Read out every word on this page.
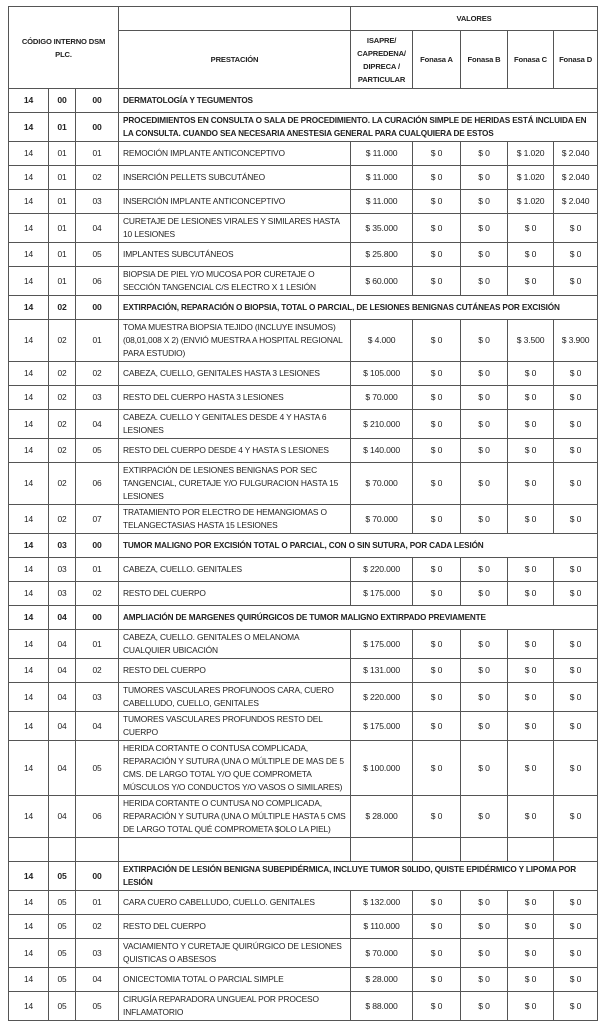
CÓDIGO INTERNO DSM PLC.				VALORES				
			PRESTACIÓN	ISAPRE/ CAPREDENA/ DIPRECA / PARTICULAR	Fonasa A	Fonasa B	Fonasa C	Fonasa D
14	00	00	DERMATOLOGÍA Y TEGUMENTOS					
14	01	00	PROCEDIMIENTOS EN CONSULTA O SALA DE PROCEDIMIENTO. LA CURACIÓN SIMPLE DE HERIDAS ESTÁ INCLUIDA EN LA CONSULTA. CUANDO SEA NECESARIA ANESTESIA GENERAL PARA CUALQUIERA DE ESTOS					
14	01	01	REMOCIÓN IMPLANTE ANTICONCEPTIVO	$ 11.000	$ 0	$ 0	$ 1.020	$ 2.040
14	01	02	INSERCIÓN PELLETS SUBCUTÁNEO	$ 11.000	$ 0	$ 0	$ 1.020	$ 2.040
14	01	03	INSERCIÓN IMPLANTE ANTICONCEPTIVO	$ 11.000	$ 0	$ 0	$ 1.020	$ 2.040
14	01	04	CURETAJE DE LESIONES VIRALES Y SIMILARES HASTA 10 LESIONES	$ 35.000	$ 0	$ 0	$ 0	$ 0
14	01	05	IMPLANTES SUBCUTÁNEOS	$ 25.800	$ 0	$ 0	$ 0	$ 0
14	01	06	BIOPSIA DE PIEL Y/O MUCOSA POR CURETAJE O SECCIÓN TANGENCIAL C/S ELECTRO X 1 LESIÓN	$ 60.000	$ 0	$ 0	$ 0	$ 0
14	02	00	EXTIRPACIÓN, REPARACIÓN O BIOPSIA, TOTAL O PARCIAL, DE LESIONES BENIGNAS CUTÁNEAS POR EXCISIÓN					
14	02	01	TOMA MUESTRA BIOPSIA TEJIDO (INCLUYE INSUMOS) (08,01,008 X 2) (ENVIÓ MUESTRA A HOSPITAL REGIONAL PARA ESTUDIO)	$ 4.000	$ 0	$ 0	$ 3.500	$ 3.900
14	02	02	CABEZA, CUELLO, GENITALES HASTA 3 LESIONES	$ 105.000	$ 0	$ 0	$ 0	$ 0
14	02	03	RESTO DEL CUERPO HASTA 3 LESIONES	$ 70.000	$ 0	$ 0	$ 0	$ 0
14	02	04	CABEZA. CUELLO Y GENITALES DESDE 4 Y HASTA 6 LESIONES	$ 210.000	$ 0	$ 0	$ 0	$ 0
14	02	05	RESTO DEL CUERPO DESDE 4 Y HASTA S LESIONES	$ 140.000	$ 0	$ 0	$ 0	$ 0
14	02	06	EXTIRPACIÓN DE LESIONES BENIGNAS POR SEC TANGENCIAL, CURETAJE Y/O FULGURACION HASTA 15 LESIONES	$ 70.000	$ 0	$ 0	$ 0	$ 0
14	02	07	TRATAMIENTO POR ELECTRO DE HEMANGIOMAS O TELANGECTASIAS HASTA 15 LESIONES	$ 70.000	$ 0	$ 0	$ 0	$ 0
14	03	00	TUMOR MALIGNO POR EXCISIÓN TOTAL O PARCIAL, CON O SIN SUTURA, POR CADA LESIÓN					
14	03	01	CABEZA, CUELLO. GENITALES	$ 220.000	$ 0	$ 0	$ 0	$ 0
14	03	02	RESTO DEL CUERPO	$ 175.000	$ 0	$ 0	$ 0	$ 0
14	04	00	AMPLIACIÓN DE MARGENES QUIRÚRGICOS DE TUMOR MALIGNO EXTIRPADO PREVIAMENTE					
14	04	01	CABEZA, CUELLO. GENITALES O MELANOMA CUALQUIER UBICACIÓN	$ 175.000	$ 0	$ 0	$ 0	$ 0
14	04	02	RESTO DEL CUERPO	$ 131.000	$ 0	$ 0	$ 0	$ 0
14	04	03	TUMORES VASCULARES PROFUNOOS CARA, CUERO CABELLUDO, CUELLO, GENITALES	$ 220.000	$ 0	$ 0	$ 0	$ 0
14	04	04	TUMORES VASCULARES PROFUNDOS RESTO DEL CUERPO	$ 175.000	$ 0	$ 0	$ 0	$ 0
14	04	05	HERIDA CORTANTE O CONTUSA COMPLICADA, REPARACIÓN Y SUTURA (UNA O MÚLTIPLE DE MAS DE 5 CMS. DE LARGO TOTAL Y/O QUE COMPROMETA MÚSCULOS Y/O CONDUCTOS Y/O VASOS O SIMILARES)	$ 100.000	$ 0	$ 0	$ 0	$ 0
14	04	06	HERIDA CORTANTE O CUNTUSA NO COMPLICADA, REPARACIÓN Y SUTURA (UNA O MÚLTIPLE HASTA 5 CMS DE LARGO TOTAL QUÉ COMPROMETA $OLO LA PIEL)	$ 28.000	$ 0	$ 0	$ 0	$ 0

14	05	00	EXTIRPACIÓN DE LESIÓN BENIGNA SUBEPIDÉRMICA, INCLUYE TUMOR S0LIDO, QUISTE EPIDÉRMICO Y LIPOMA POR LESIÓN					
14	05	01	CARA CUERO CABELLUDO, CUELLO. GENITALES	$ 132.000	$ 0	$ 0	$ 0	$ 0
14	05	02	RESTO DEL CUERPO	$ 110.000	$ 0	$ 0	$ 0	$ 0
14	05	03	VACIAMIENTO Y CURETAJE QUIRÚRGICO DE LESIONES QUISTICAS O ABSESOS	$ 70.000	$ 0	$ 0	$ 0	$ 0
14	05	04	ONICECTOMIA TOTAL O PARCIAL SIMPLE	$ 28.000	$ 0	$ 0	$ 0	$ 0
14	05	05	CIRUGÍA REPARADORA UNGUEAL POR PROCESO INFLAMATORIO	$ 88.000	$ 0	$ 0	$ 0	$ 0
